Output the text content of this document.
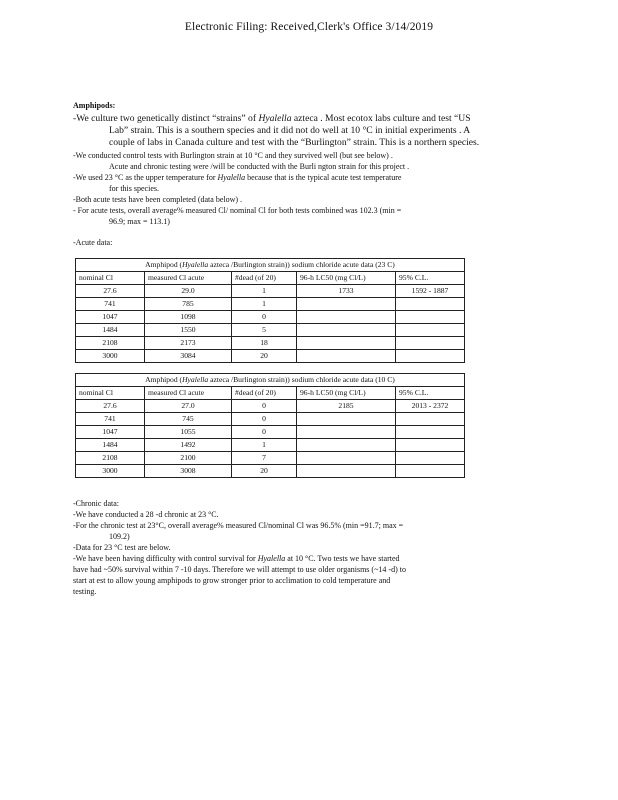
Electronic Filing: Received,Clerk's Office 3/14/2019

Amphipods:

-We culture two genetically distinct “strains” of Hyalella azteca . Most ecotox labs culture and test “US
Lab” strain. This is a southern species and it did not do well at 10 °C in initial experiments . A
couple of labs in Canada culture and test with the “Burlington” strain. This is a northern species.

-We conducted control tests with Burlington strain at 10 °C and they survived well (but see below) .
Acute and chronic testing were /will be conducted with the Burli ngton strain for this project .

-We used 23 °C as the upper temperature for Hyalella because that is the typical acute test temperature
for this species.

-Both acute tests have been completed (data below) .

- For acute tests, overall average% measured Cl/ nominal Cl for both tests combined was 102.3 (min =
96.9; max = 113.1)

-Acute data:

Amphipod (Hyalella azteca /Burlington strain)) sodium chloride acute data (23 C)				
nominal Cl	measured Cl acute	#dead (of 20)	96-h LC50 (mg Cl/L)	95% C.L.
27.6	29.0	1	1733	1592 - 1887
741	785	1		
1047	1098	0		
1484	1550	5		
2108	2173	18		
3000	3084	20		
Amphipod (Hyalella azteca /Burlington strain)) sodium chloride acute data (10 C)				
nominal Cl	measured Cl acute	#dead (of 20)	96-h LC50 (mg Cl/L)	95% C.L.
27.6	27.0	0	2185	2013 - 2372
741	745	0		
1047	1055	0		
1484	1492	1		
2108	2100	7		
3000	3008	20		

-Chronic data:

-We have conducted a 28 -d chronic at 23 °C.

-For the chronic test at 23°C, overall average% measured Cl/nominal Cl was 96.5% (min =91.7; max =
109.2)

-Data for 23 °C test are below.

-We have been having difficulty with control survival for Hyalella at 10 °C. Two tests we have started
have had ~50% survival within 7 -10 days. Therefore we will attempt to use older organisms (~14 -d) to
start at est to allow young amphipods to grow stronger prior to acclimation to cold temperature and
testing.
